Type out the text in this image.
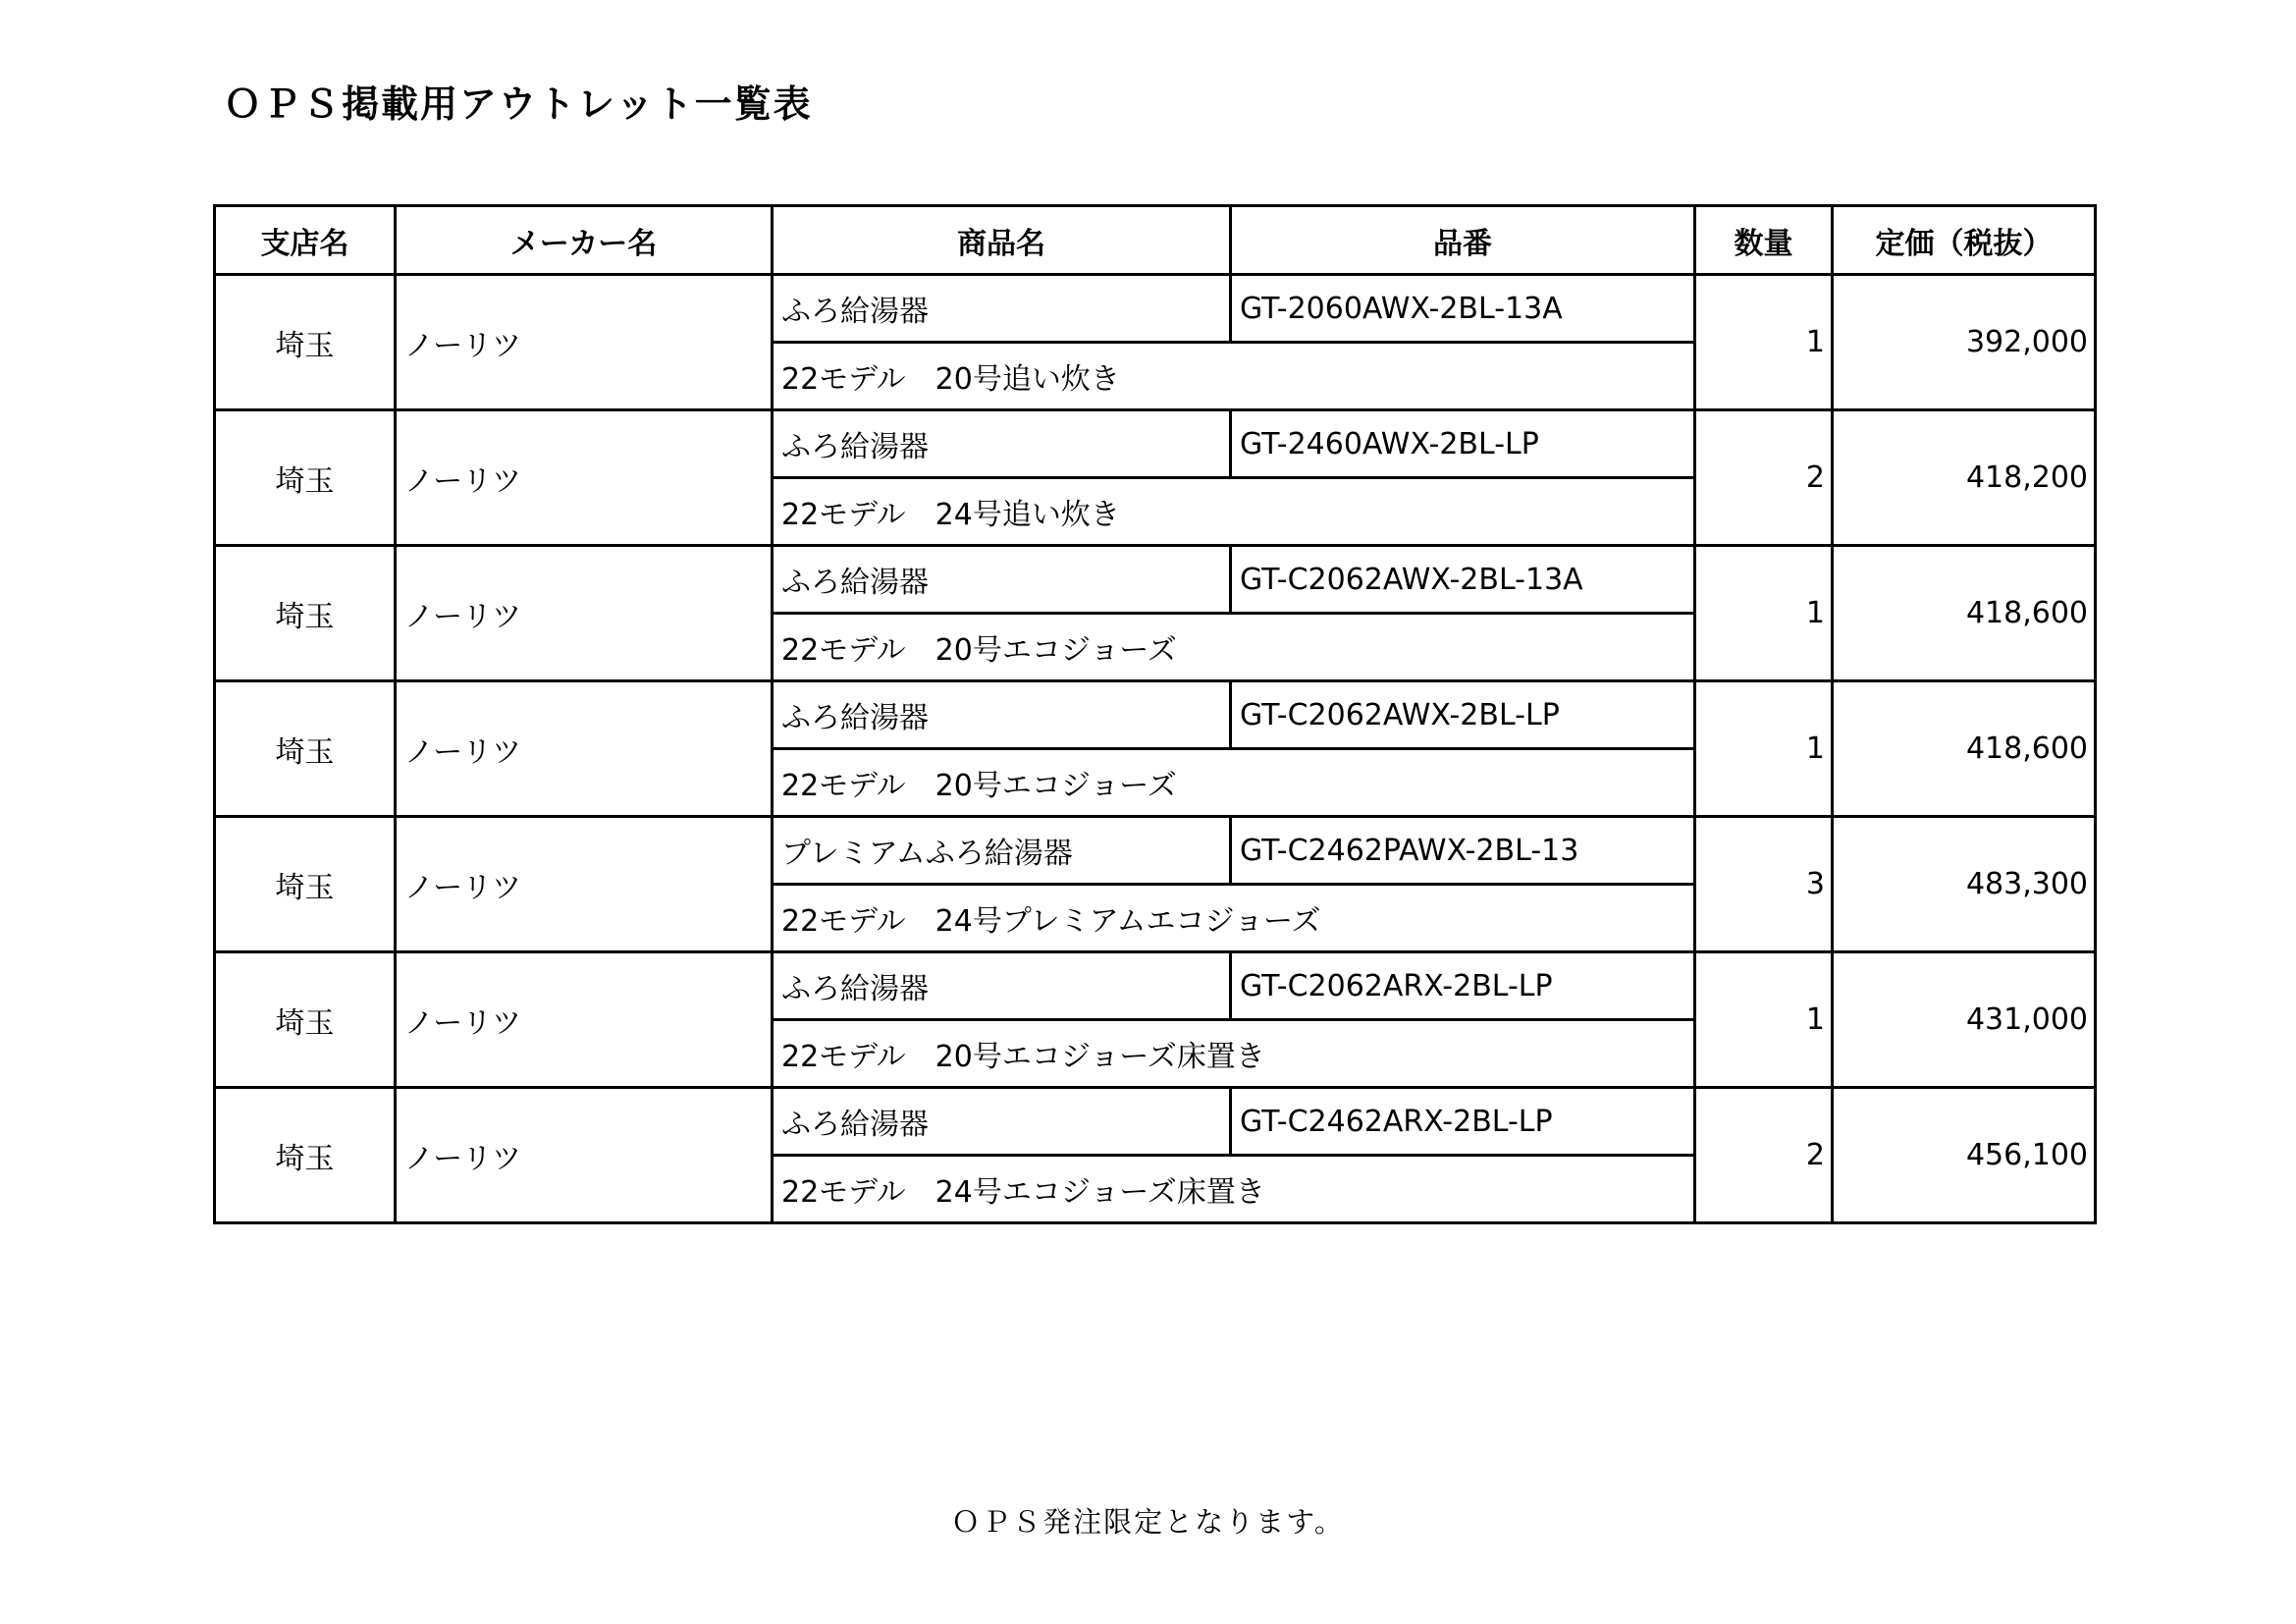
ＯＰＳ掲載用アウトレット一覧表
支店名	メーカー名	商品名	品番	数量	定価（税抜）
埼玉	ノーリツ	ふろ給湯器	GT-2060AWX-2BL-13A	1	392,000
		22モデル　20号追い炊き			
埼玉	ノーリツ	ふろ給湯器	GT-2460AWX-2BL-LP	2	418,200
		22モデル　24号追い炊き			
埼玉	ノーリツ	ふろ給湯器	GT-C2062AWX-2BL-13A	1	418,600
		22モデル　20号エコジョーズ			
埼玉	ノーリツ	ふろ給湯器	GT-C2062AWX-2BL-LP	1	418,600
		22モデル　20号エコジョーズ			
埼玉	ノーリツ	プレミアムふろ給湯器	GT-C2462PAWX-2BL-13	3	483,300
		22モデル　24号プレミアムエコジョーズ			
埼玉	ノーリツ	ふろ給湯器	GT-C2062ARX-2BL-LP	1	431,000
		22モデル　20号エコジョーズ床置き			
埼玉	ノーリツ	ふろ給湯器	GT-C2462ARX-2BL-LP	2	456,100
		22モデル　24号エコジョーズ床置き			
ＯＰＳ発注限定となります。
